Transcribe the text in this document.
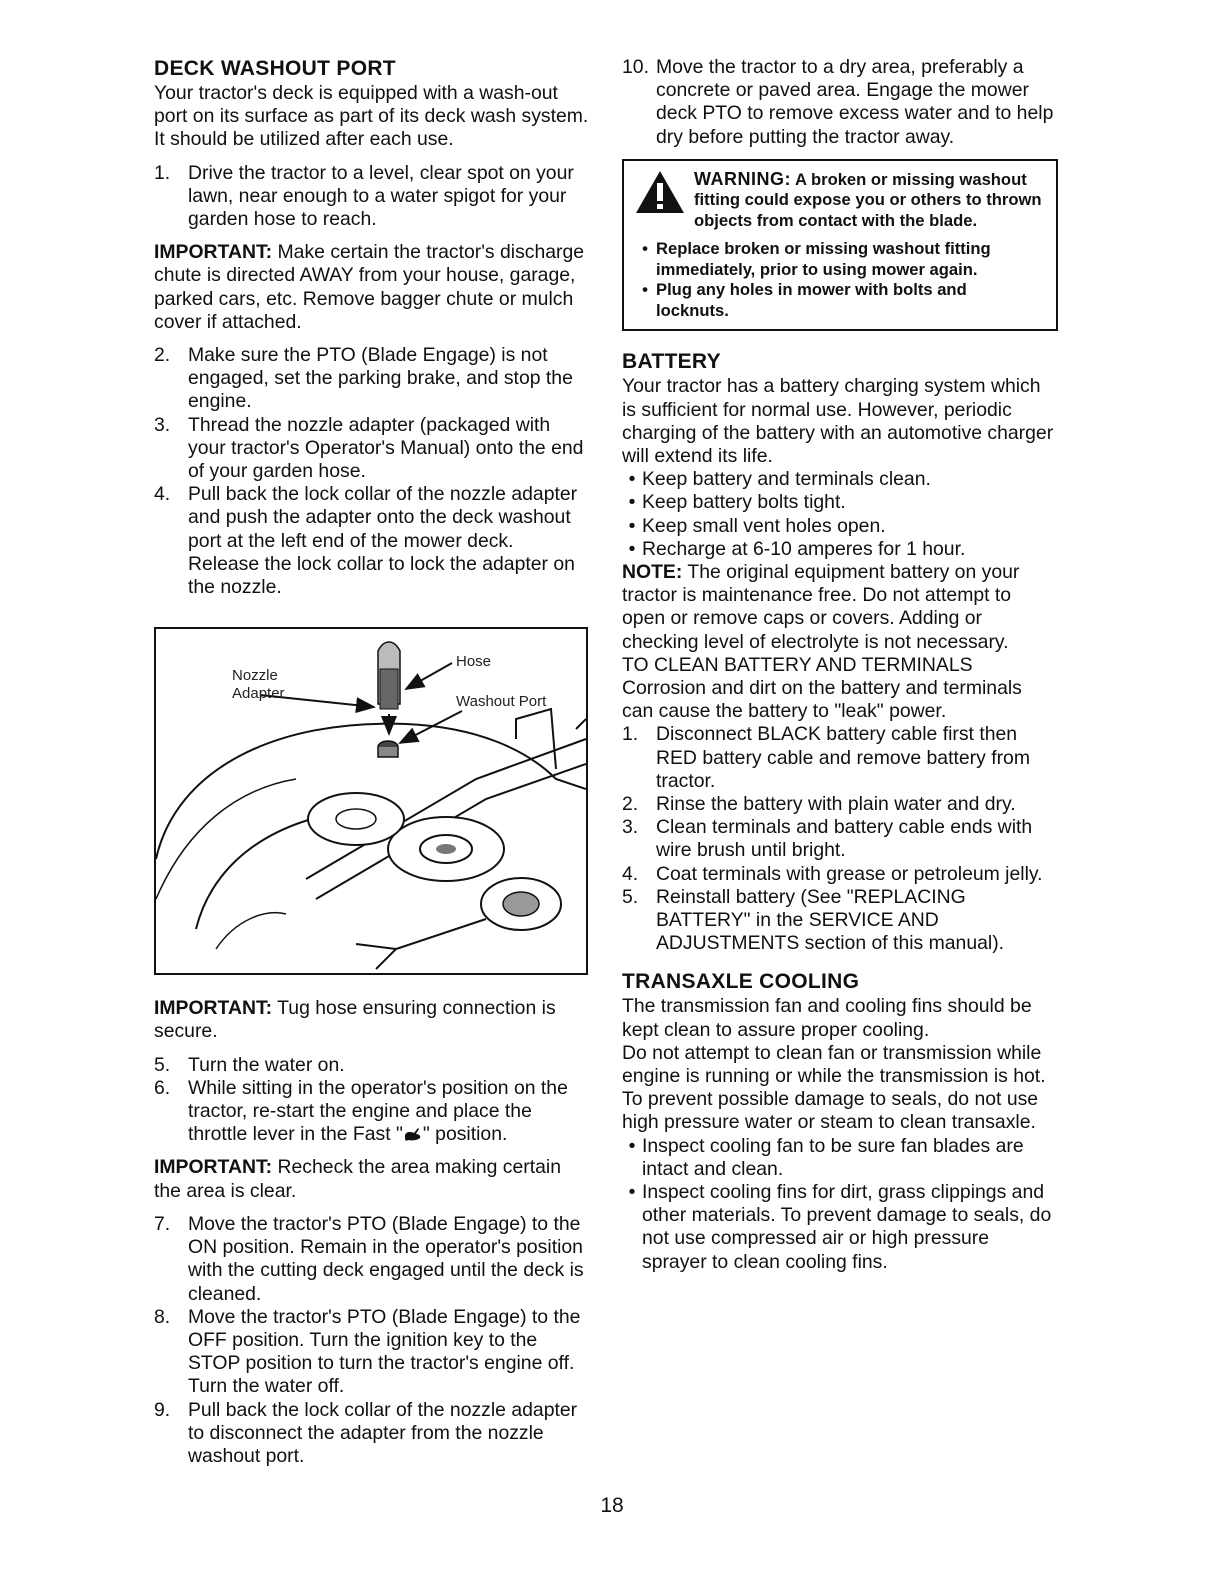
DECK WASHOUT PORT

Your tractor's deck is equipped with a wash-out port on its surface as part of its deck wash system. It should be utilized after each use.

1. Drive the tractor to a level, clear spot on your lawn, near enough to a water spigot for your garden hose to reach.

IMPORTANT: Make certain the tractor's discharge chute is directed AWAY from your house, garage, parked cars, etc. Remove bagger chute or mulch cover if attached.

2. Make sure the PTO (Blade Engage) is not engaged, set the parking brake, and stop the engine.
3. Thread the nozzle adapter (packaged with your tractor's Operator's Manual) onto the end of your garden hose.
4. Pull back the lock collar of the nozzle adapter and push the adapter onto the deck washout port at the left end of the mower deck. Release the lock collar to lock the adapter on the nozzle.
Nozzle
Adapter
Hose
Washout Port

IMPORTANT: Tug hose ensuring connection is secure.

5. Turn the water on.
6. While sitting in the operator's position on the tractor, re-start the engine and place the throttle lever in the Fast " " position.

IMPORTANT: Recheck the area making certain the area is clear.

7. Move the tractor's PTO (Blade Engage) to the ON position. Remain in the operator's position with the cutting deck engaged until the deck is cleaned.
8. Move the tractor's PTO (Blade Engage) to the OFF position. Turn the ignition key to the STOP position to turn the tractor's engine off. Turn the water off.
9. Pull back the lock collar of the nozzle adapter to disconnect the adapter from the nozzle washout port.
10. Move the tractor to a dry area, preferably a concrete or paved area. Engage the mower deck PTO to remove excess water and to help dry before putting the tractor away.
WARNING: A broken or missing washout fitting could expose you or others to thrown objects from contact with the blade.
• Replace broken or missing washout fitting immediately, prior to using mower again.
• Plug any holes in mower with bolts and locknuts.
BATTERY

Your tractor has a battery charging system which is sufficient for normal use. However, periodic charging of the battery with an automotive charger will extend its life.

• Keep battery and terminals clean.
• Keep battery bolts tight.
• Keep small vent holes open.
• Recharge at 6-10 amperes for 1 hour.

NOTE: The original equipment battery on your tractor is maintenance free. Do not attempt to open or remove caps or covers. Adding or checking level of electrolyte is not necessary.

TO CLEAN BATTERY AND TERMINALS

Corrosion and dirt on the battery and terminals can cause the battery to "leak" power.

1. Disconnect BLACK battery cable first then RED battery cable and remove battery from tractor.
2. Rinse the battery with plain water and dry.
3. Clean terminals and battery cable ends with wire brush until bright.
4. Coat terminals with grease or petroleum jelly.
5. Reinstall battery (See "REPLACING BATTERY" in the SERVICE AND ADJUSTMENTS section of this manual).
TRANSAXLE COOLING

The transmission fan and cooling fins should be kept clean to assure proper cooling.

Do not attempt to clean fan or transmission while engine is running or while the transmission is hot. To prevent possible damage to seals, do not use high pressure water or steam to clean transaxle.

• Inspect cooling fan to be sure fan blades are intact and clean.
• Inspect cooling fins for dirt, grass clippings and other materials. To prevent damage to seals, do not use compressed air or high pressure sprayer to clean cooling fins.
18
